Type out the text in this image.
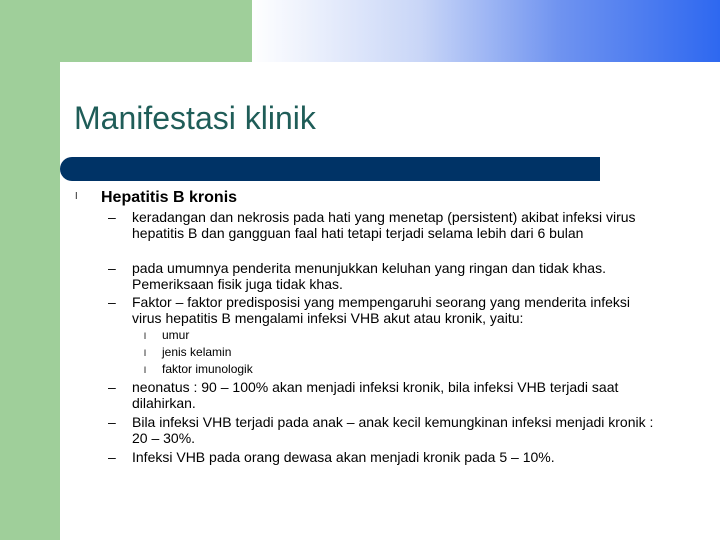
Manifestasi klinik
l Hepatitis B kronis
–	keradangan dan nekrosis pada hati yang menetap (persistent) akibat infeksi virus hepatitis B dan gangguan faal hati tetapi terjadi selama lebih dari 6 bulan
–	pada umumnya penderita menunjukkan keluhan yang ringan dan tidak khas. Pemeriksaan fisik juga tidak khas.
–	Faktor – faktor predisposisi yang mempengaruhi seorang yang menderita infeksi virus hepatitis B mengalami infeksi VHB akut atau kronik, yaitu:
l umur
l jenis kelamin
l faktor imunologik
–	neonatus : 90 – 100% akan menjadi infeksi kronik, bila infeksi VHB terjadi saat dilahirkan.
–	Bila infeksi VHB terjadi pada anak – anak kecil kemungkinan infeksi menjadi kronik : 20 – 30%.
–	Infeksi VHB pada orang dewasa akan menjadi kronik pada 5 – 10%.
